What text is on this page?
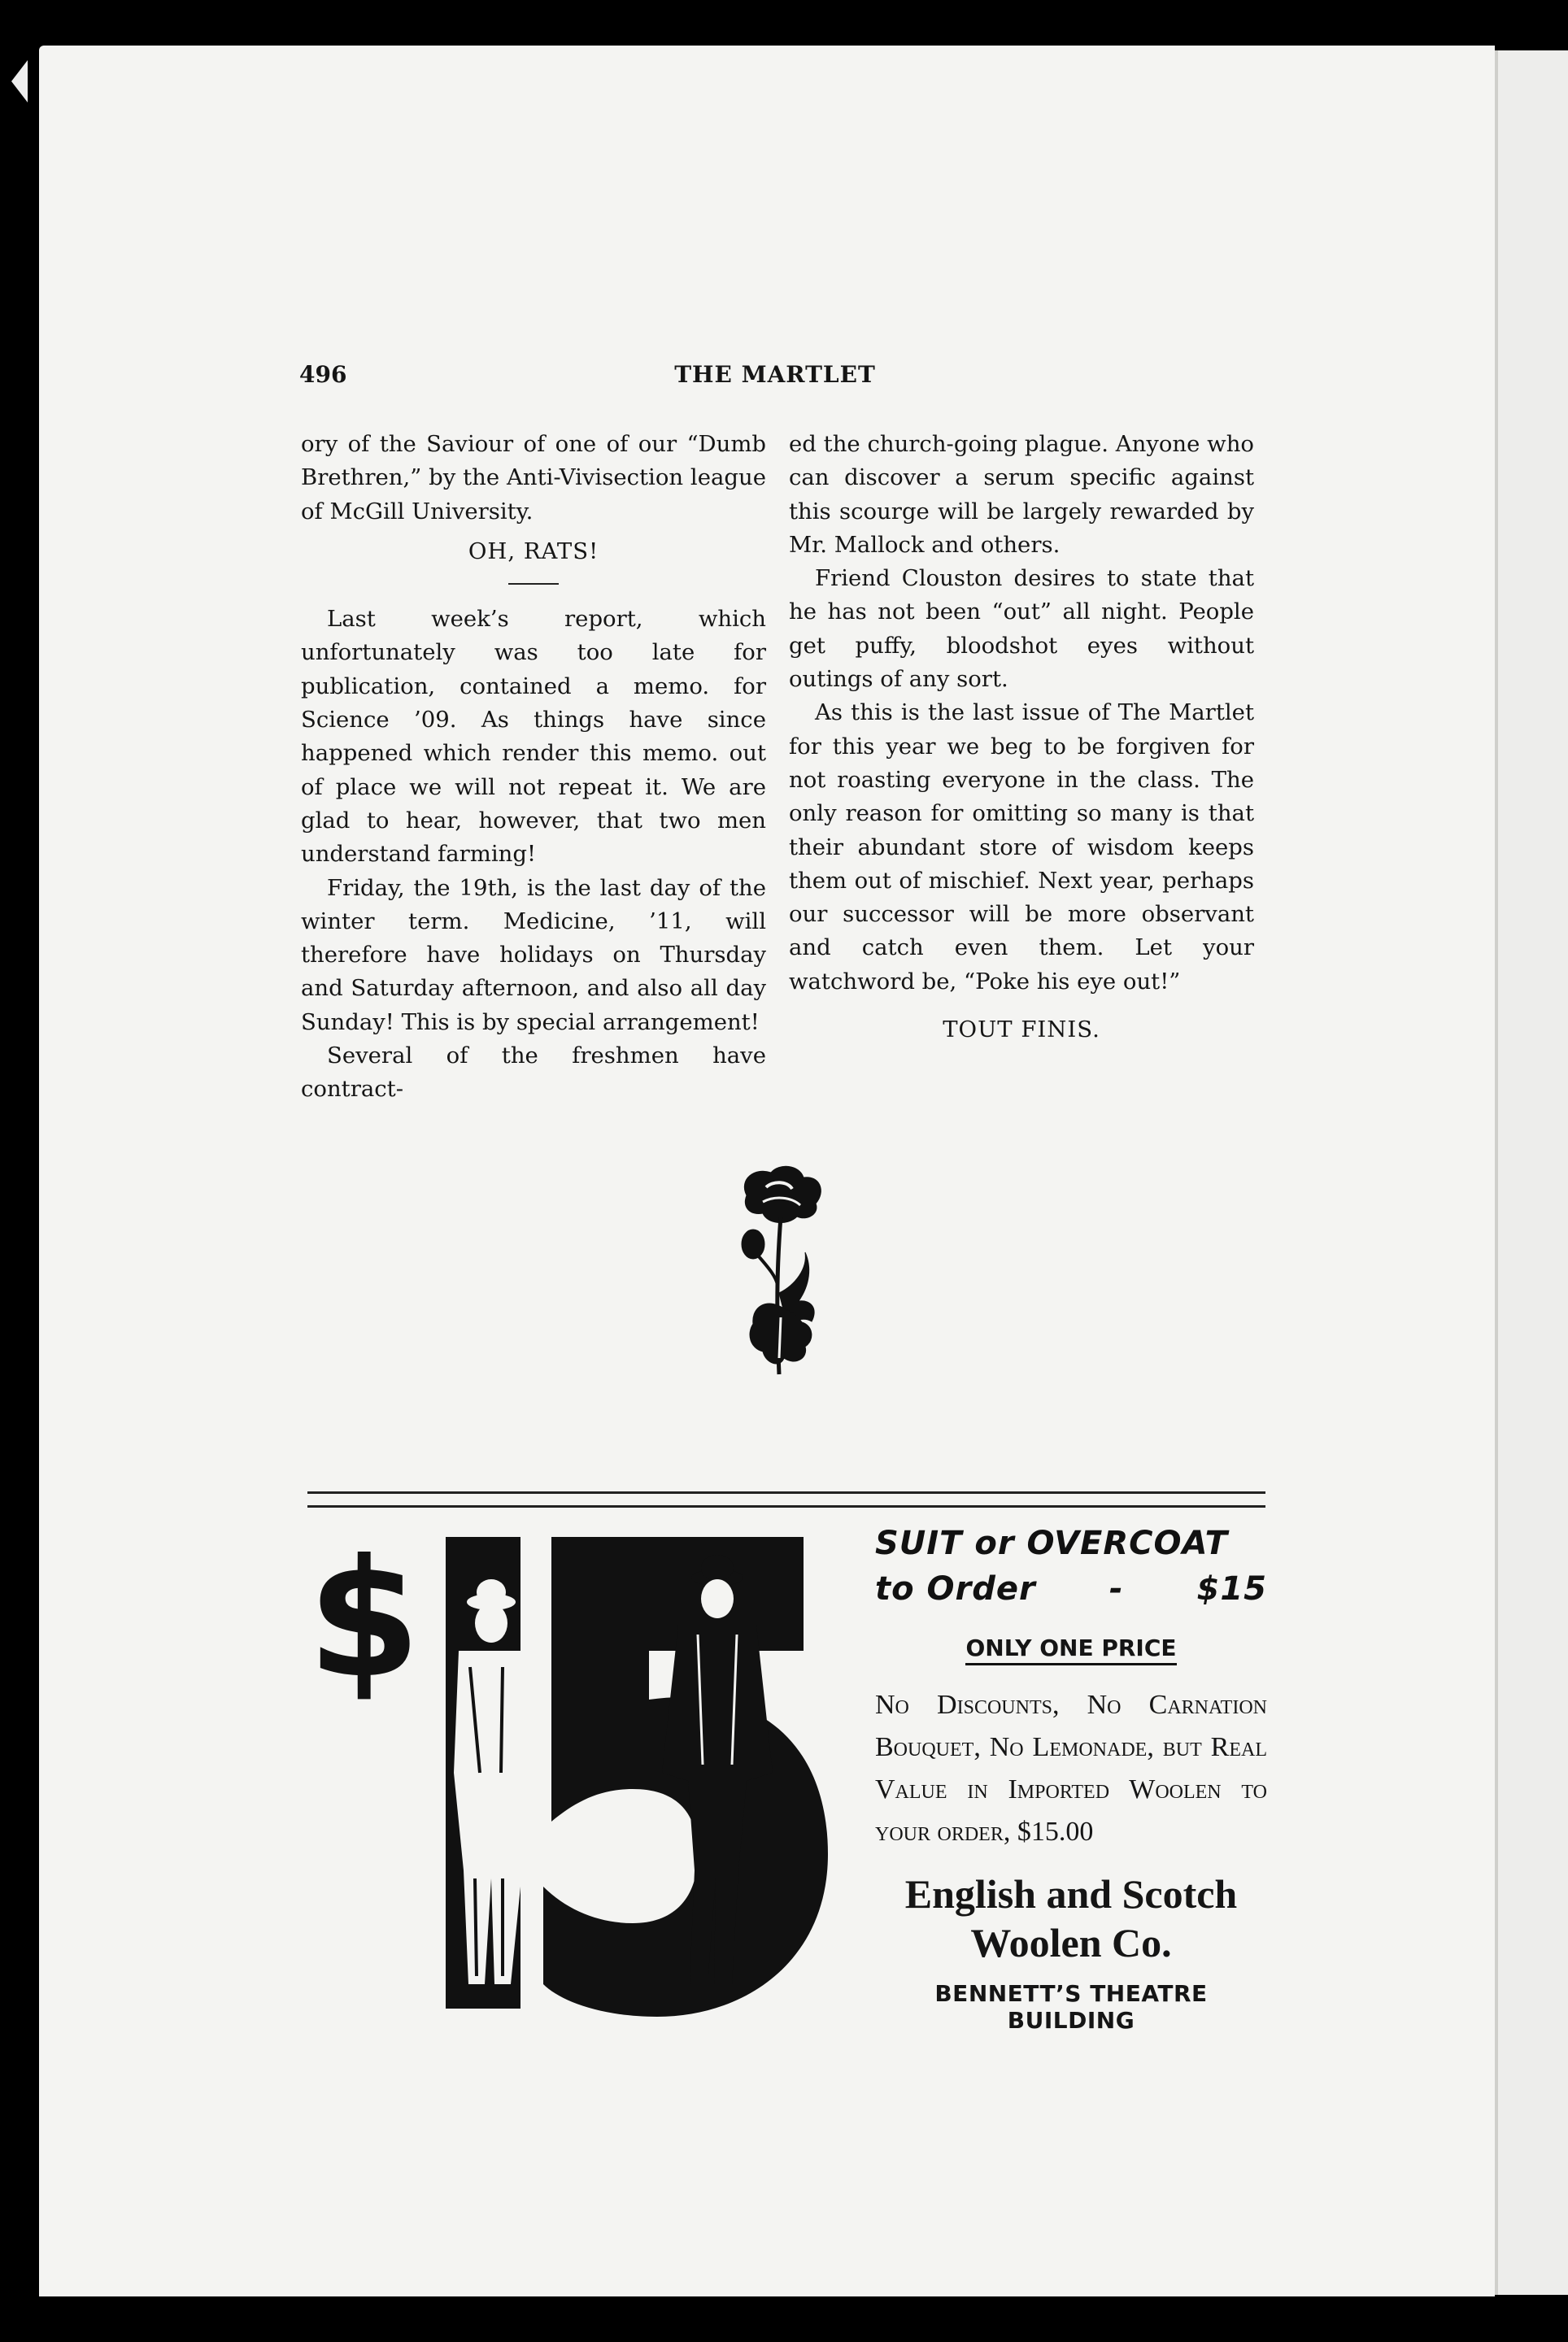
496	THE MARTLET

ory of the Saviour of one of our “Dumb Brethren,” by the Anti-Vivisection league of McGill University.

OH, RATS!

Last week’s report, which unfortunately was too late for publication, contained a memo. for Science ’09. As things have since happened which render this memo. out of place we will not repeat it. We are glad to hear, however, that two men understand farming!

Friday, the 19th, is the last day of the winter term. Medicine, ’11, will therefore have holidays on Thursday and Saturday afternoon, and also all day Sunday! This is by special arrangement!

Several of the freshmen have contract-

ed the church-going plague. Anyone who can discover a serum specific against this scourge will be largely rewarded by Mr. Mallock and others.

Friend Clouston desires to state that he has not been “out” all night. People get puffy, bloodshot eyes without outings of any sort.

As this is the last issue of The Martlet for this year we beg to be forgiven for not roasting everyone in the class. The only reason for omitting so many is that their abundant store of wisdom keeps them out of mischief. Next year, perhaps our successor will be more observant and catch even them. Let your watchword be, “Poke his eye out!”

TOUT FINIS.

$	SUIT or OVERCOAT
to Order - $15
ONLY ONE PRICE
No Discounts, No Carnation Bouquet, No Lemonade, but Real Value in Imported Woolen to your order, $15.00
English and Scotch
Woolen Co.
BENNETT’S THEATRE BUILDING
